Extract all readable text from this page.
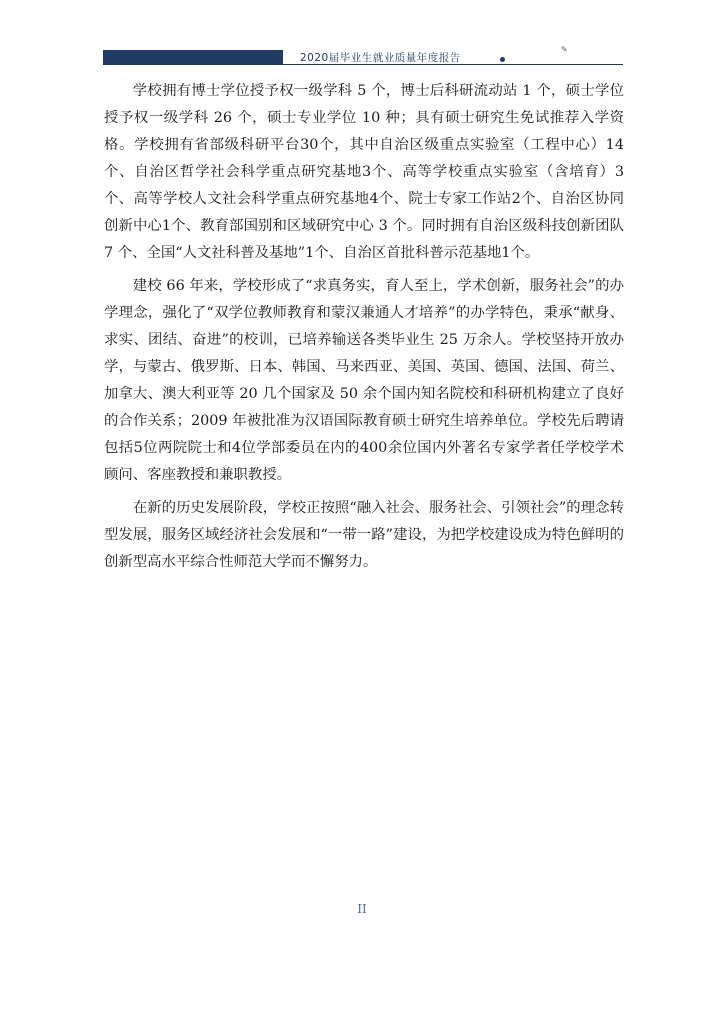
2020届毕业生就业质量年度报告
✎

学校拥有博士学位授予权一级学科 5 个，博士后科研流动站 1 个，硕士学位授予权一级学科 26 个，硕士专业学位 10 种；具有硕士研究生免试推荐入学资格。学校拥有省部级科研平台30个，其中自治区级重点实验室（工程中心）14个、自治区哲学社会科学重点研究基地3个、高等学校重点实验室（含培育）3个、高等学校人文社会科学重点研究基地4个、院士专家工作站2个、自治区协同创新中心1个、教育部国别和区域研究中心 3 个。同时拥有自治区级科技创新团队 7 个、全国“人文社科普及基地”1个、自治区首批科普示范基地1个。

建校 66 年来，学校形成了“求真务实，育人至上，学术创新，服务社会”的办学理念，强化了“双学位教师教育和蒙汉兼通人才培养”的办学特色，秉承“献身、求实、团结、奋进”的校训，已培养输送各类毕业生 25 万余人。学校坚持开放办学，与蒙古、俄罗斯、日本、韩国、马来西亚、美国、英国、德国、法国、荷兰、加拿大、澳大利亚等 20 几个国家及 50 余个国内知名院校和科研机构建立了良好的合作关系；2009 年被批准为汉语国际教育硕士研究生培养单位。学校先后聘请包括5位两院院士和4位学部委员在内的400余位国内外著名专家学者任学校学术顾问、客座教授和兼职教授。

在新的历史发展阶段，学校正按照“融入社会、服务社会、引领社会”的理念转型发展，服务区域经济社会发展和“一带一路”建设，为把学校建设成为特色鲜明的创新型高水平综合性师范大学而不懈努力。

II
